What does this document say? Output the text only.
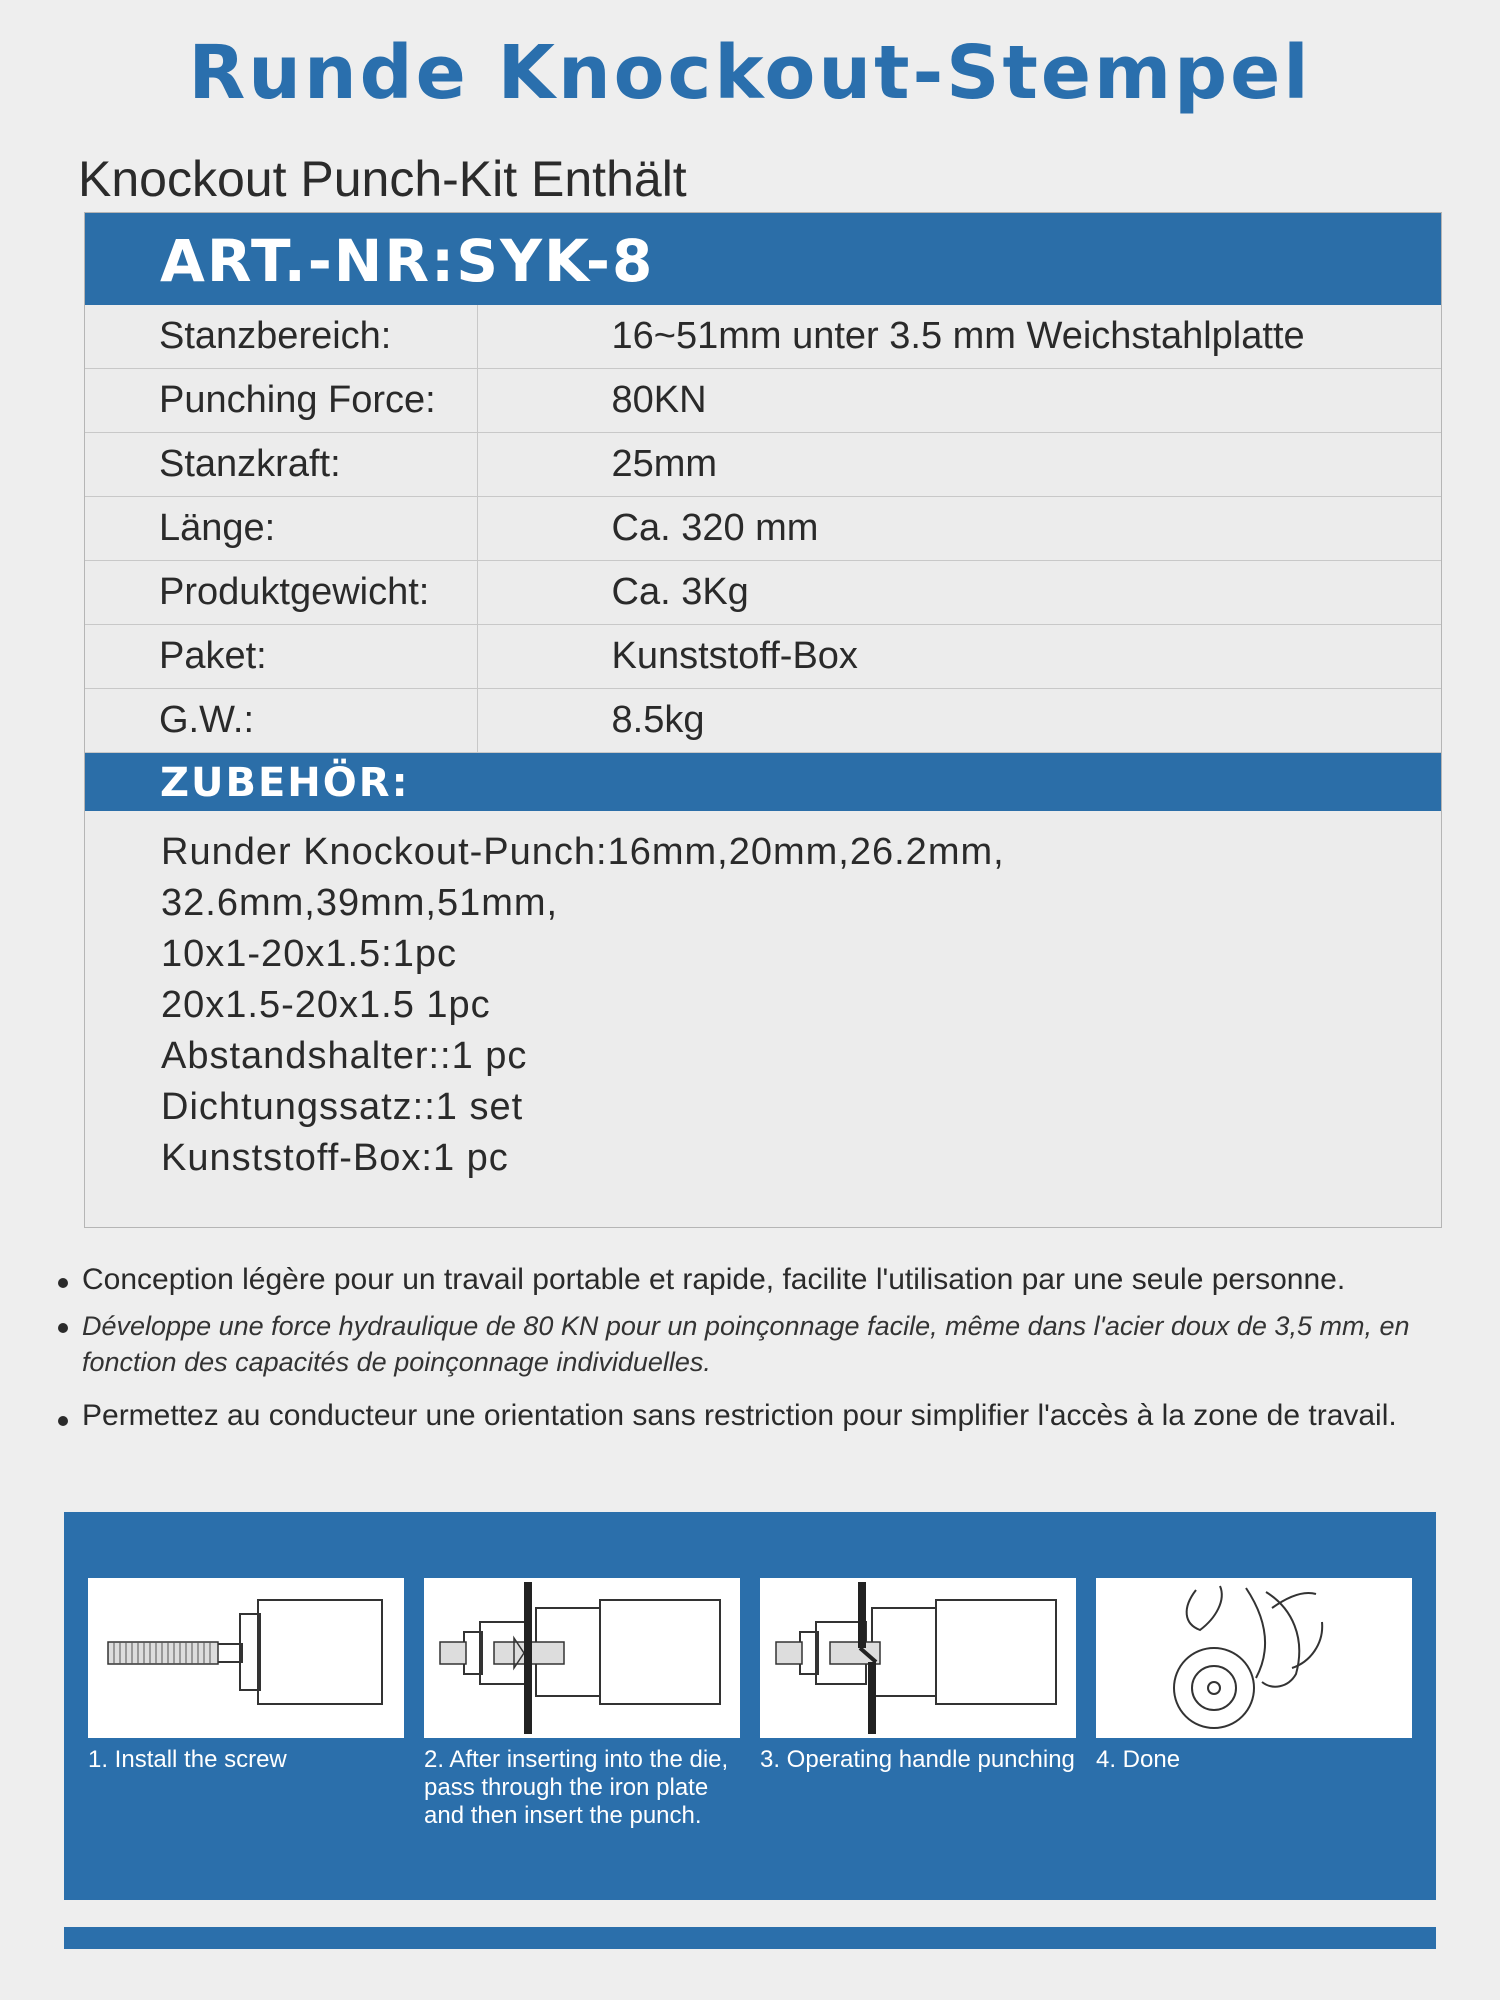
Runde Knockout-Stempel
Knockout Punch-Kit Enthält
ART.-NR:SYK-8
Stanzbereich:	16~51mm unter 3.5 mm Weichstahlplatte
Punching Force:	80KN
Stanzkraft:	25mm
Länge:	Ca. 320 mm
Produktgewicht:	Ca. 3Kg
Paket:	Kunststoff-Box
G.W.:	8.5kg
ZUBEHÖR:
Runder Knockout-Punch:16mm,20mm,26.2mm,
32.6mm,39mm,51mm,
10x1-20x1.5:1pc
20x1.5-20x1.5 1pc
Abstandshalter::1 pc
Dichtungssatz::1 set
Kunststoff-Box:1 pc
Conception légère pour un travail portable et rapide, facilite l'utilisation par une seule personne.
Développe une force hydraulique de 80 KN pour un poinçonnage facile, même dans l'acier doux de 3,5 mm, en fonction des capacités de poinçonnage individuelles.
Permettez au conducteur une orientation sans restriction pour simplifier l'accès à la zone de travail.
1. Install the screw	2. After inserting into the die, pass through the iron plate and then insert the punch.
3. Operating handle punching 4. Done
